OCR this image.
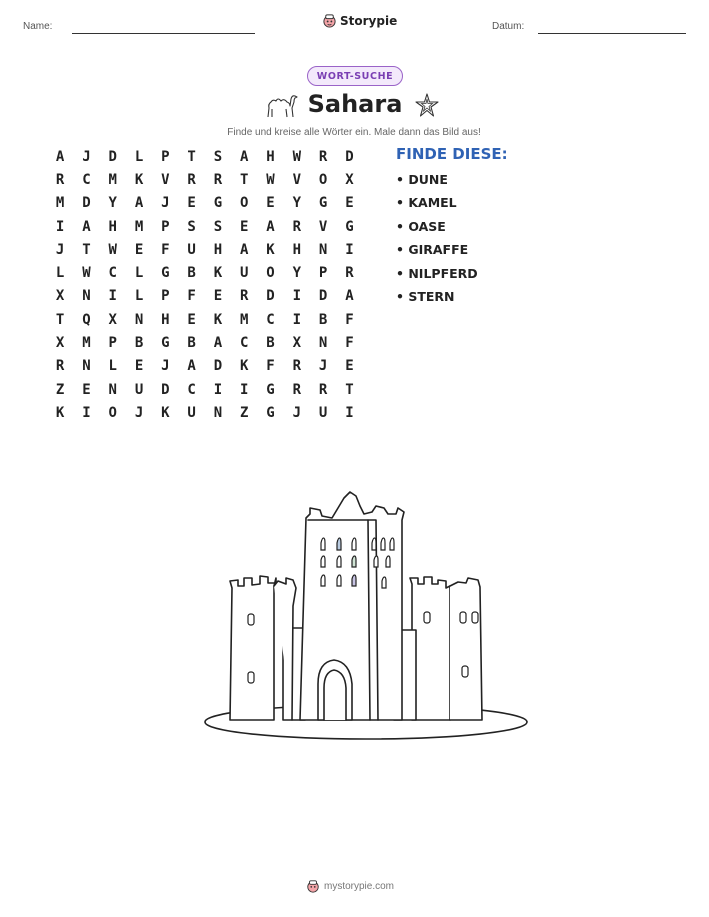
Name:	Storypie	Datum:
WORT-SUCHE
Sahara
Finde und kreise alle Wörter ein. Male dann das Bild aus!
A	J	D	L	P	T	S	A	H	W	R	D
R	C	M	K	V	R	R	T	W	V	O	X
M	D	Y	A	J	E	G	O	E	Y	G	E
I	A	H	M	P	S	S	E	A	R	V	G
J	T	W	E	F	U	H	A	K	H	N	I
L	W	C	L	G	B	K	U	O	Y	P	R
X	N	I	L	P	F	E	R	D	I	D	A
T	Q	X	N	H	E	K	M	C	I	B	F
X	M	P	B	G	B	A	C	B	X	N	F
R	N	L	E	J	A	D	K	F	R	J	E
Z	E	N	U	D	C	I	I	G	R	R	T
K	I	O	J	K	U	N	Z	G	J	U	I
FINDE DIESE:
• DUNE
• KAMEL
• OASE
• GIRAFFE
• NILPFERD
• STERN
mystorypie.com
